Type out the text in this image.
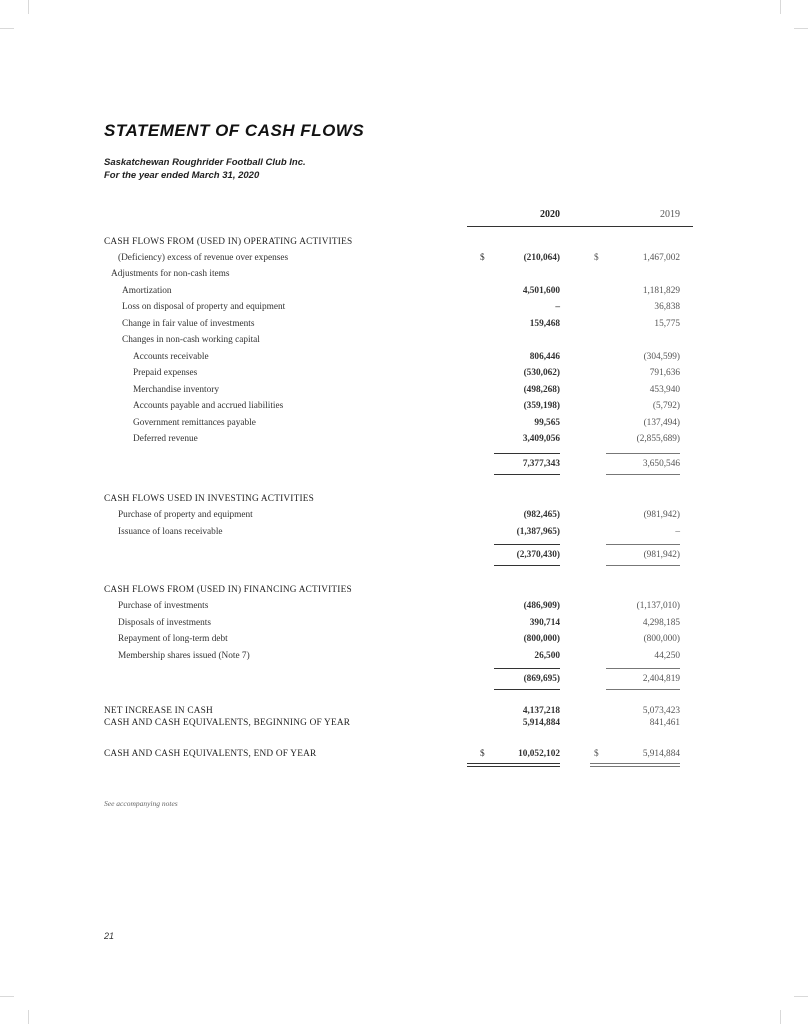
STATEMENT OF CASH FLOWS
Saskatchewan Roughrider Football Club Inc.
For the year ended March 31, 2020
2020	2019
CASH FLOWS FROM (USED IN) OPERATING ACTIVITIES
(Deficiency) excess of revenue over expenses	$	(210,064)	$	1,467,002
Adjustments for non-cash items
Amortization	4,501,600	1,181,829
Loss on disposal of property and equipment	–	36,838
Change in fair value of investments	159,468	15,775
Changes in non-cash working capital
Accounts receivable	806,446	(304,599)
Prepaid expenses	(530,062)	791,636
Merchandise inventory	(498,268)	453,940
Accounts payable and accrued liabilities	(359,198)	(5,792)
Government remittances payable	99,565	(137,494)
Deferred revenue	3,409,056	(2,855,689)
7,377,343	3,650,546
CASH FLOWS USED IN INVESTING ACTIVITIES
Purchase of property and equipment	(982,465)	(981,942)
Issuance of loans receivable	(1,387,965)	–
(2,370,430)	(981,942)
CASH FLOWS FROM (USED IN) FINANCING ACTIVITIES
Purchase of investments	(486,909)	(1,137,010)
Disposals of investments	390,714	4,298,185
Repayment of long-term debt	(800,000)	(800,000)
Membership shares issued (Note 7)	26,500	44,250
(869,695)	2,404,819
NET INCREASE IN CASH	4,137,218	5,073,423
CASH AND CASH EQUIVALENTS, BEGINNING OF YEAR	5,914,884	841,461
CASH AND CASH EQUIVALENTS, END OF YEAR	$	10,052,102	$	5,914,884
See accompanying notes
21
